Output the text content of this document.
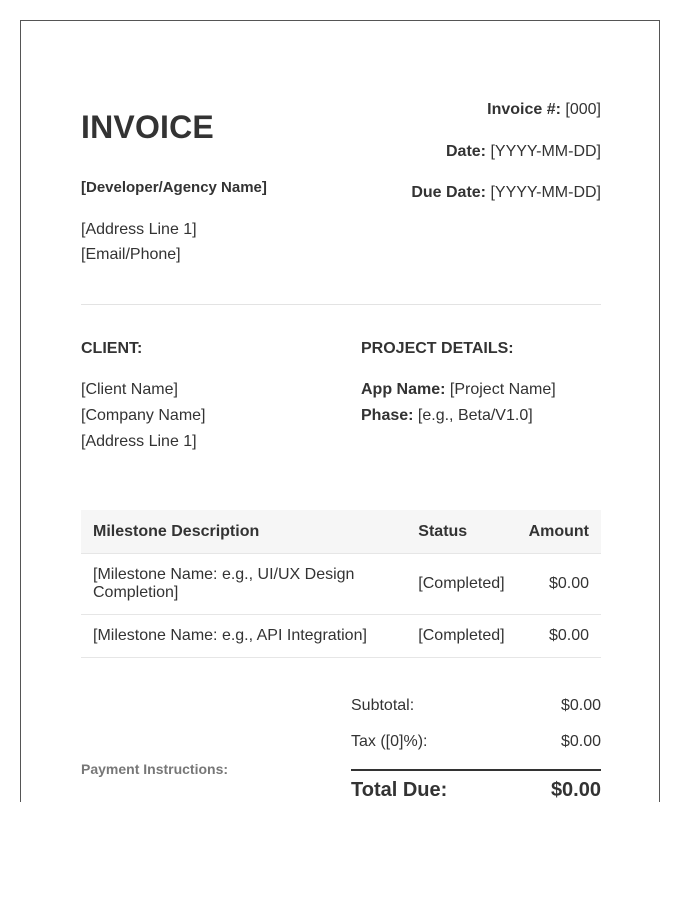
INVOICE	Invoice #: [000]
Date: [YYYY-MM-DD]
Due Date: [YYYY-MM-DD]
[Developer/Agency Name]
[Address Line 1]
[Email/Phone]
CLIENT:
[Client Name]
[Company Name]
[Address Line 1]
PROJECT DETAILS:
App Name: [Project Name]
Phase: [e.g., Beta/V1.0]
Milestone Description	Status	Amount
[Milestone Name: e.g., UI/UX Design Completion]	[Completed]	$0.00
[Milestone Name: e.g., API Integration]	[Completed]	$0.00
Payment Instructions:
Subtotal:	$0.00
Tax ([0]%):	$0.00
Total Due:	$0.00
